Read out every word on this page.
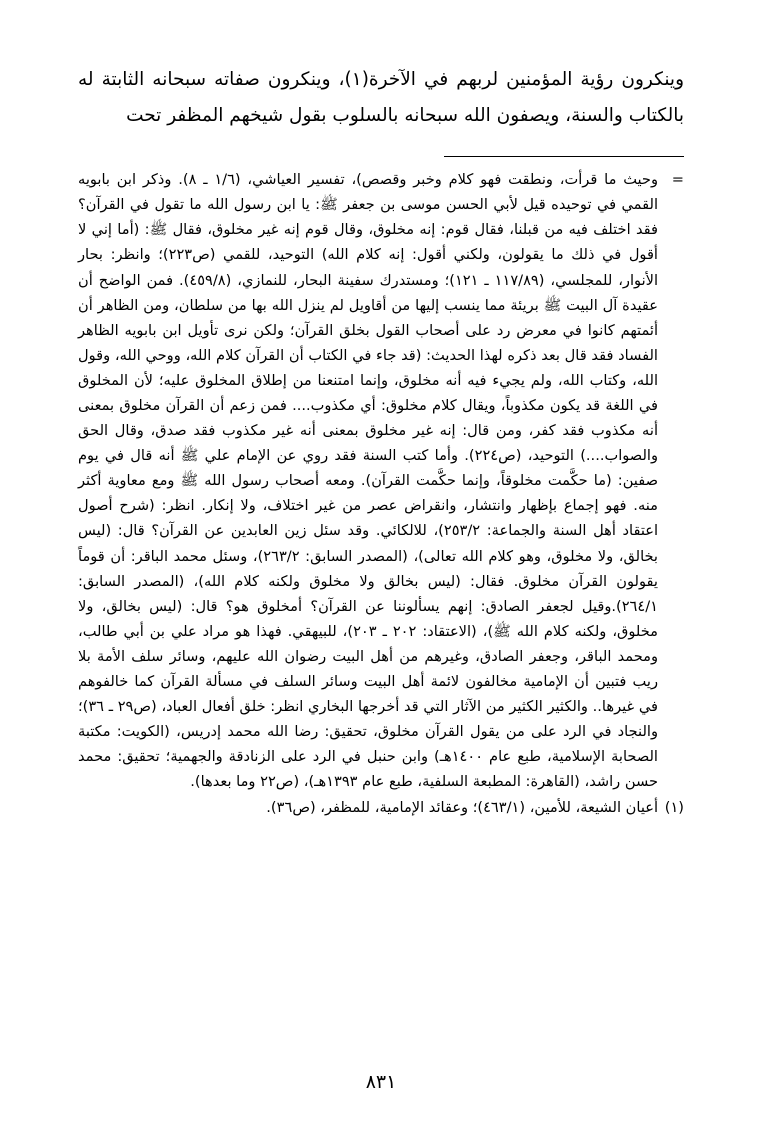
وينكرون رؤية المؤمنين لربهم في الآخرة(١)، وينكرون صفاته سبحانه الثابتة له بالكتاب والسنة، ويصفون الله سبحانه بالسلوب بقول شيخهم المظفر تحت

=

وحيث ما قرأت، ونطقت فهو كلام وخبر وقصص)، تفسير العياشي، (١/٦ ـ ٨). وذكر ابن بابويه القمي في توحيده قيل لأبي الحسن موسى بن جعفر ﷺ: يا ابن رسول الله ما تقول في القرآن؟ فقد اختلف فيه من قبلنا، فقال قوم: إنه مخلوق، وقال قوم إنه غير مخلوق، فقال ﷺ: (أما إني لا أقول في ذلك ما يقولون، ولكني أقول: إنه كلام الله) التوحيد، للقمي (ص٢٢٣)؛ وانظر: بحار الأنوار، للمجلسي، (١١٧/٨٩ ـ ١٢١)؛ ومستدرك سفينة البحار، للنمازي، (٤٥٩/٨). فمن الواضح أن عقيدة آل البيت ﷺ بريئة مما ينسب إليها من أقاويل لم ينزل الله بها من سلطان، ومن الظاهر أن أئمتهم كانوا في معرض رد على أصحاب القول بخلق القرآن؛ ولكن نرى تأويل ابن بابويه الظاهر الفساد فقد قال بعد ذكره لهذا الحديث: (قد جاء في الكتاب أن القرآن كلام الله، ووحي الله، وقول الله، وكتاب الله، ولم يجيء فيه أنه مخلوق، وإنما امتنعنا من إطلاق المخلوق عليه؛ لأن المخلوق في اللغة قد يكون مكذوباً، ويقال كلام مخلوق: أي مكذوب.... فمن زعم أن القرآن مخلوق بمعنى أنه مكذوب فقد كفر، ومن قال: إنه غير مخلوق بمعنى أنه غير مكذوب فقد صدق، وقال الحق والصواب....) التوحيد، (ص٢٢٤). وأما كتب السنة فقد روي عن الإمام علي ﷺ أنه قال في يوم صفين: (ما حكَّمت مخلوقاً، وإنما حكَّمت القرآن). ومعه أصحاب رسول الله ﷺ ومع معاوية أكثر منه. فهو إجماع بإظهار وانتشار، وانقراض عصر من غير اختلاف، ولا إنكار. انظر: (شرح أصول اعتقاد أهل السنة والجماعة: ٢٥٣/٢)، للالكائي. وقد سئل زين العابدين عن القرآن؟ قال: (ليس بخالق، ولا مخلوق، وهو كلام الله تعالى)، (المصدر السابق: ٢٦٣/٢)، وسئل محمد الباقر: أن قوماً يقولون القرآن مخلوق. فقال: (ليس بخالق ولا مخلوق ولكنه كلام الله)، (المصدر السابق: ٢٦٤/١).وقيل لجعفر الصادق: إنهم يسألوننا عن القرآن؟ أمخلوق هو؟ قال: (ليس بخالق، ولا مخلوق، ولكنه كلام الله ﷺ)، (الاعتقاد: ٢٠٢ ـ ٢٠٣)، للبيهقي. فهذا هو مراد علي بن أبي طالب، ومحمد الباقر، وجعفر الصادق، وغيرهم من أهل البيت رضوان الله عليهم، وسائر سلف الأمة بلا ريب فتبين أن الإمامية مخالفون لائمة أهل البيت وسائر السلف في مسألة القرآن كما خالفوهم في غيرها.. والكثير الكثير من الآثار التي قد أخرجها البخاري انظر: خلق أفعال العباد، (ص٢٩ ـ ٣٦)؛ والنجاد في الرد على من يقول القرآن مخلوق، تحقيق: رضا الله محمد إدريس، (الكويت: مكتبة الصحابة الإسلامية، طبع عام ١٤٠٠هـ) وابن حنبل في الرد على الزنادقة والجهمية؛ تحقيق: محمد حسن راشد، (القاهرة: المطبعة السلفية، طبع عام ١٣٩٣هـ)، (ص٢٢ وما بعدها).

(١)

أعيان الشيعة، للأمين، (٤٦٣/١)؛ وعقائد الإمامية، للمظفر، (ص٣٦).

٨٣١
